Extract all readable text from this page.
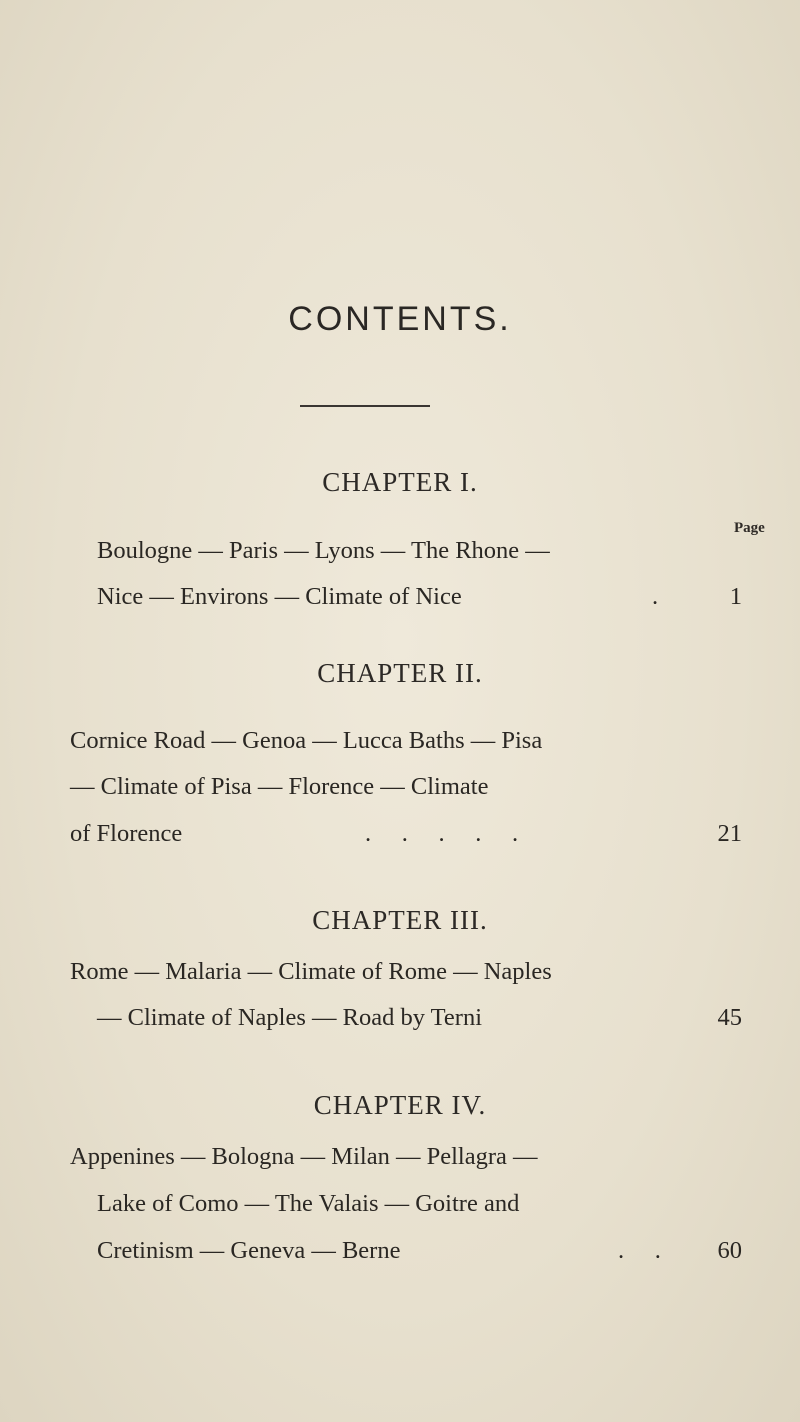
CONTENTS.
Page
CHAPTER I.
Boulogne — Paris — Lyons — The Rhone —
Nice — Environs — Climate of Nice	.	1
CHAPTER II.
Cornice Road — Genoa — Lucca Baths — Pisa
— Climate of Pisa — Florence — Climate
of Florence	.     .     .     .     .	21
CHAPTER III.
Rome — Malaria — Climate of Rome — Naples
— Climate of Naples — Road by Terni	45
CHAPTER IV.
Appenines — Bologna — Milan — Pellagra —
Lake of Como — The Valais — Goitre and
Cretinism — Geneva — Berne	.     . 60
